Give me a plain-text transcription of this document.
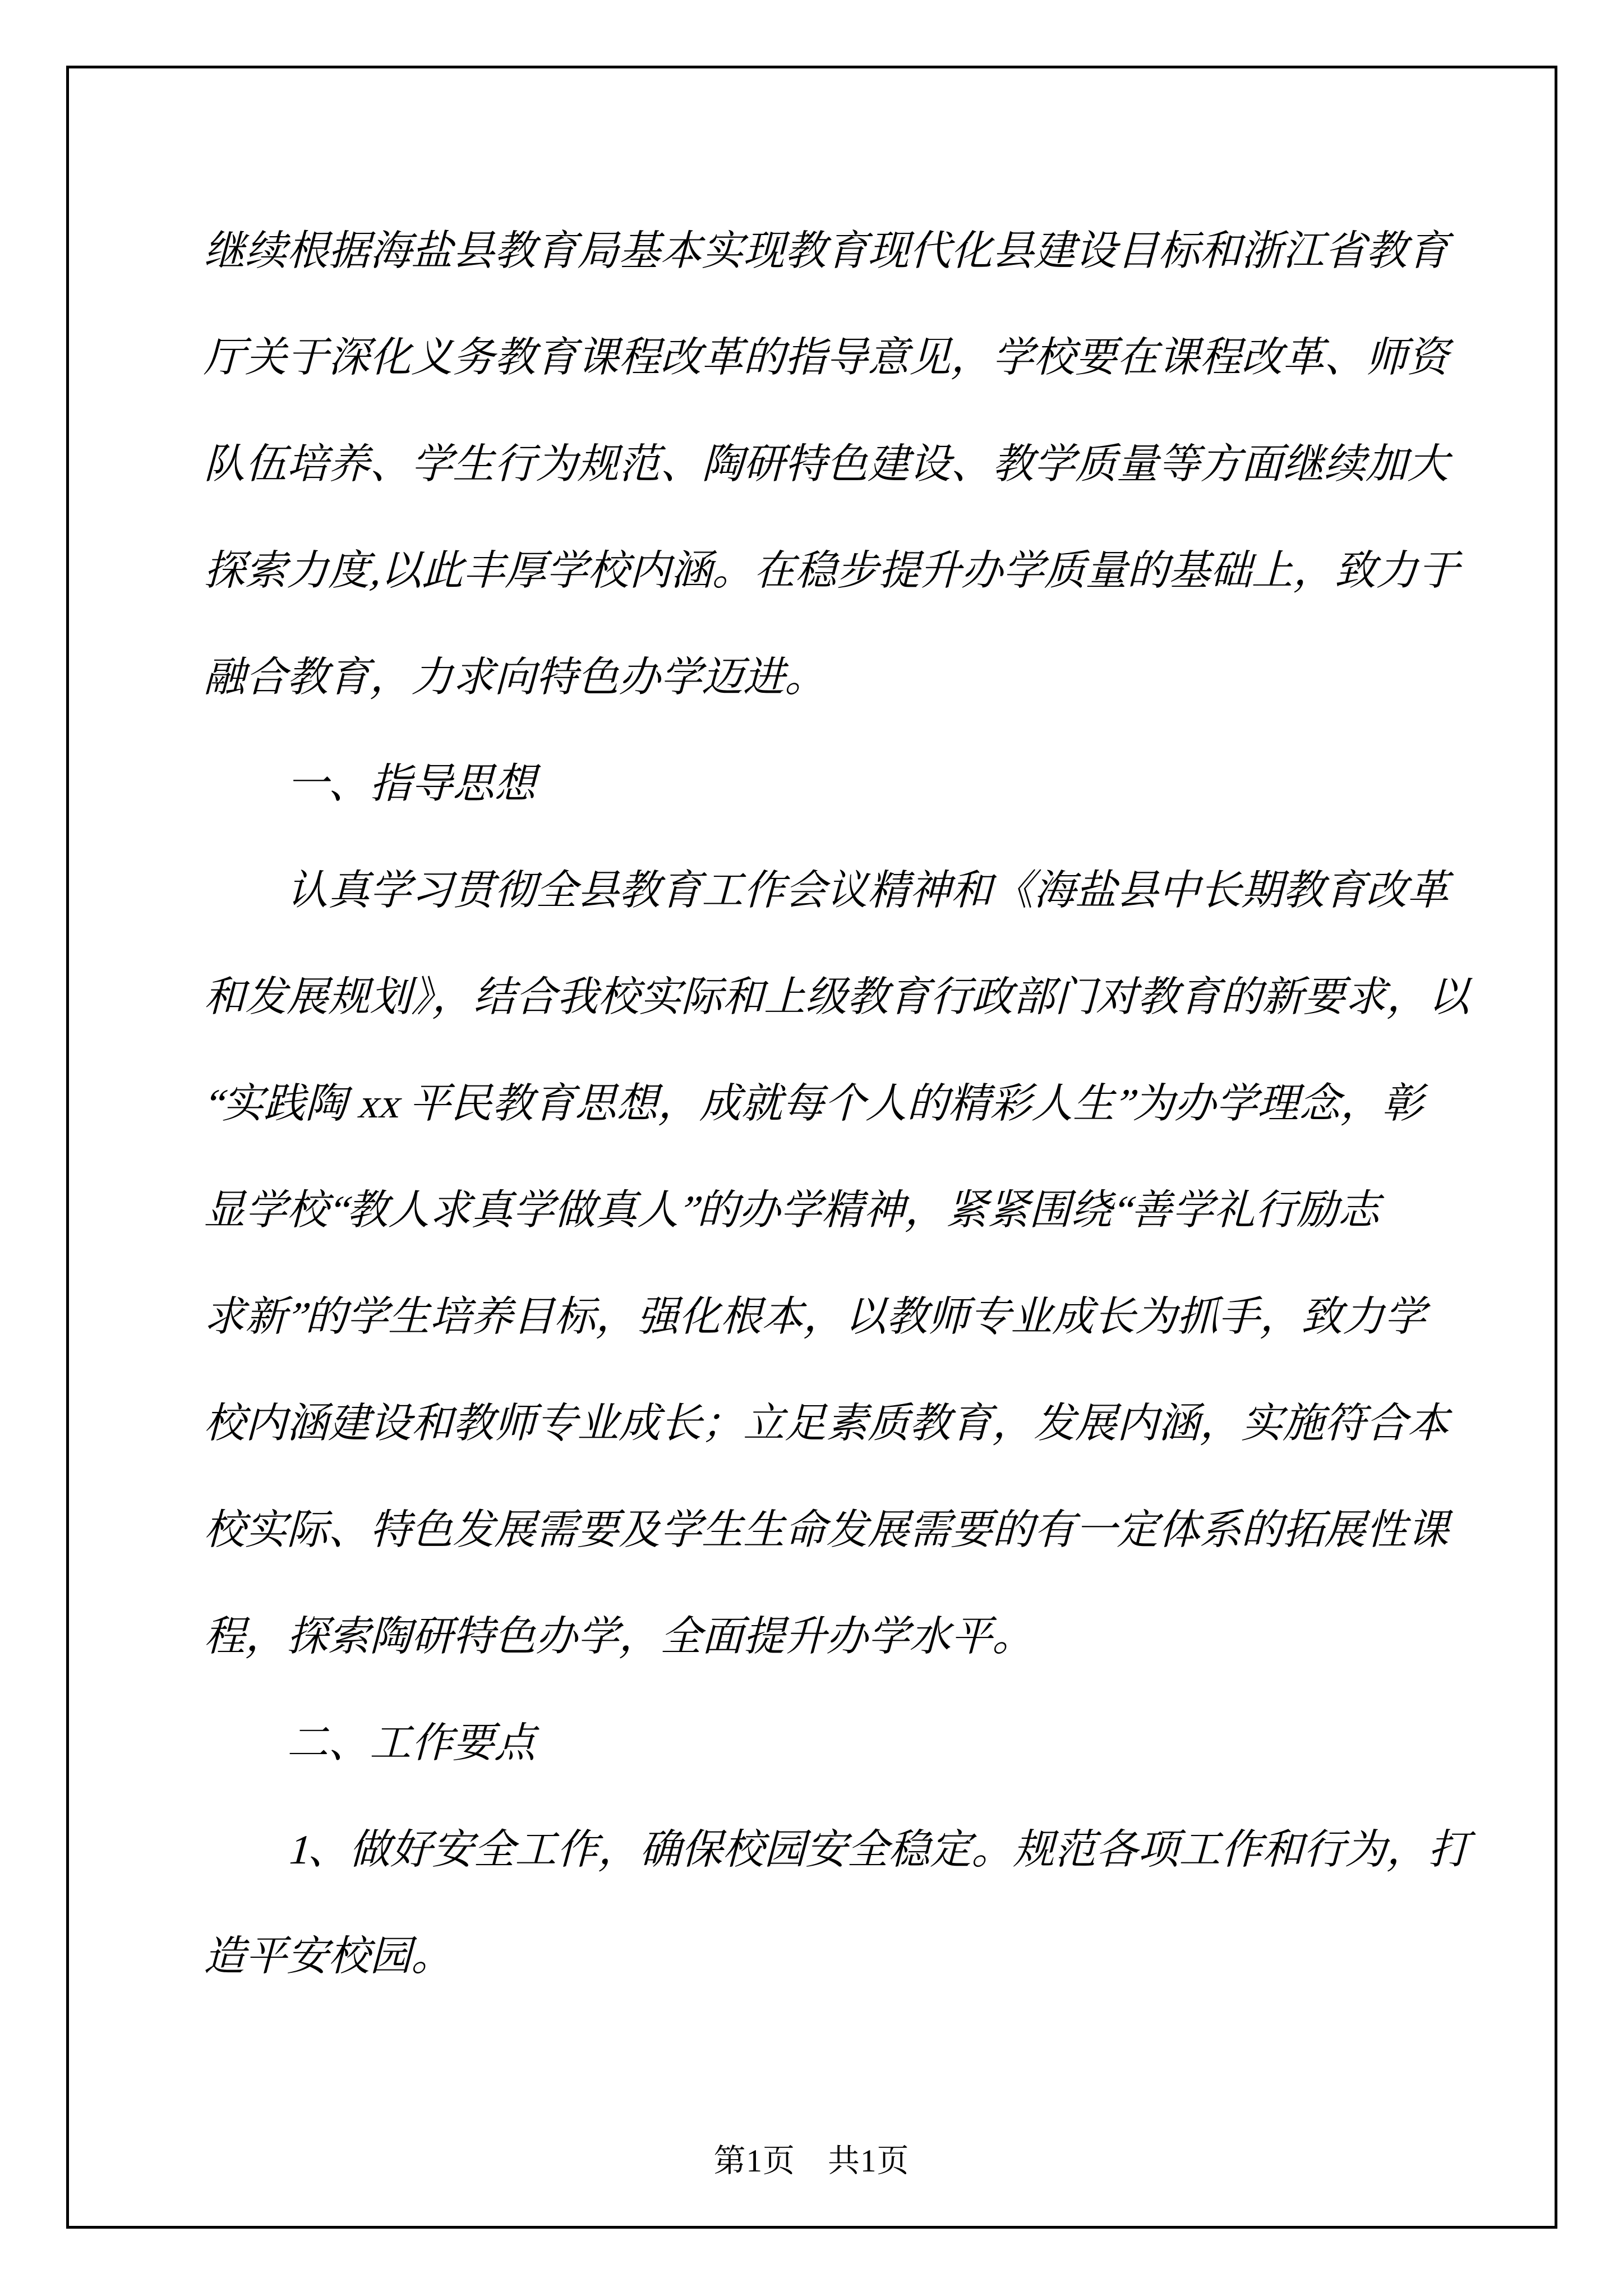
继续根据海盐县教育局基本实现教育现代化县建设目标和浙江省教育
厅关于深化义务教育课程改革的指导意见，学校要在课程改革、师资
队伍培养、学生行为规范、陶研特色建设、教学质量等方面继续加大
探索力度,以此丰厚学校内涵。在稳步提升办学质量的基础上，致力于
融合教育，力求向特色办学迈进。
一、指导思想
认真学习贯彻全县教育工作会议精神和《海盐县中长期教育改革
和发展规划》，结合我校实际和上级教育行政部门对教育的新要求，以
“实践陶 xx 平民教育思想，成就每个人的精彩人生”为办学理念，彰
显学校“教人求真学做真人”的办学精神，紧紧围绕“善学礼行励志
求新”的学生培养目标，强化根本，以教师专业成长为抓手，致力学
校内涵建设和教师专业成长；立足素质教育，发展内涵，实施符合本
校实际、特色发展需要及学生生命发展需要的有一定体系的拓展性课
程，探索陶研特色办学，全面提升办学水平。
二、工作要点
1、做好安全工作，确保校园安全稳定。规范各项工作和行为，打
造平安校园。
第1页　共1页
